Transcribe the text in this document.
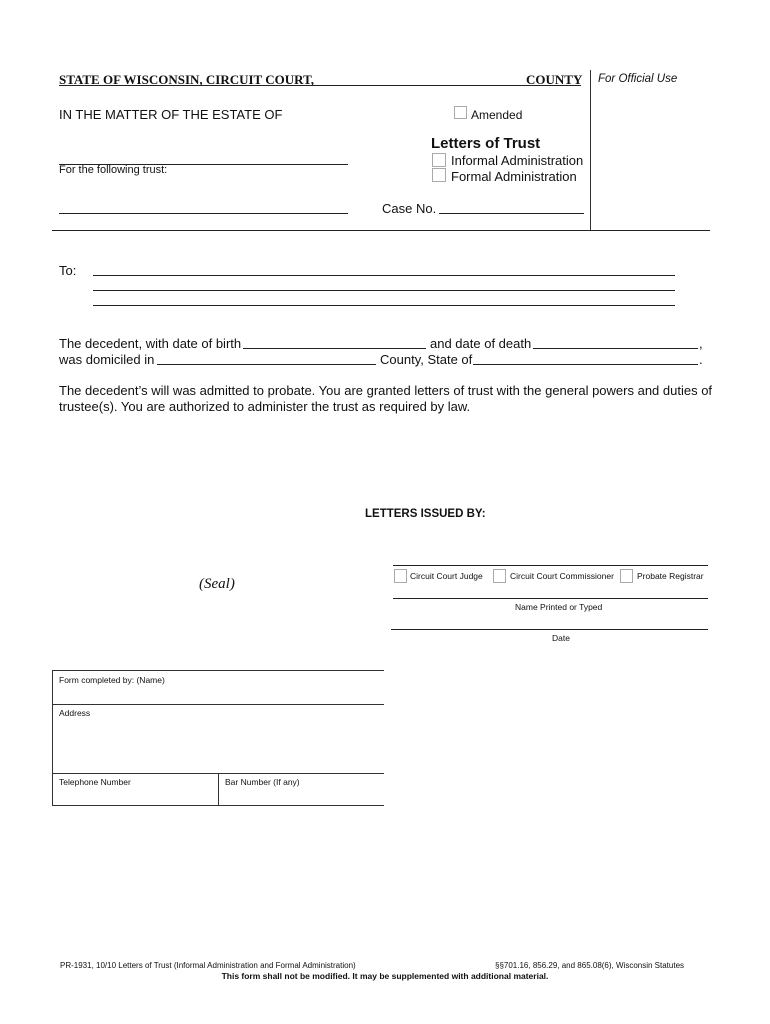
STATE OF WISCONSIN, CIRCUIT COURT,	COUNTY For Official Use
IN THE MATTER OF THE ESTATE OF	Amended
For the following trust:
Letters of Trust
Informal Administration
Formal Administration
Case No.
To:
The decedent, with date of birth	and date of death	,
was domiciled in	County, State of	.
The decedent’s will was admitted to probate. You are granted letters of trust with the general powers and duties of
trustee(s). You are authorized to administer the trust as required by law.
LETTERS ISSUED BY:
(Seal)	Circuit Court Judge	Circuit Court Commissioner	Probate Registrar
Name Printed or Typed
Date
Form completed by: (Name)
Address
Telephone Number	Bar Number (If any)
PR-1931, 10/10 Letters of Trust (Informal Administration and Formal Administration)	§§701.16, 856.29, and 865.08(6), Wisconsin Statutes
This form shall not be modified. It may be supplemented with additional material.
